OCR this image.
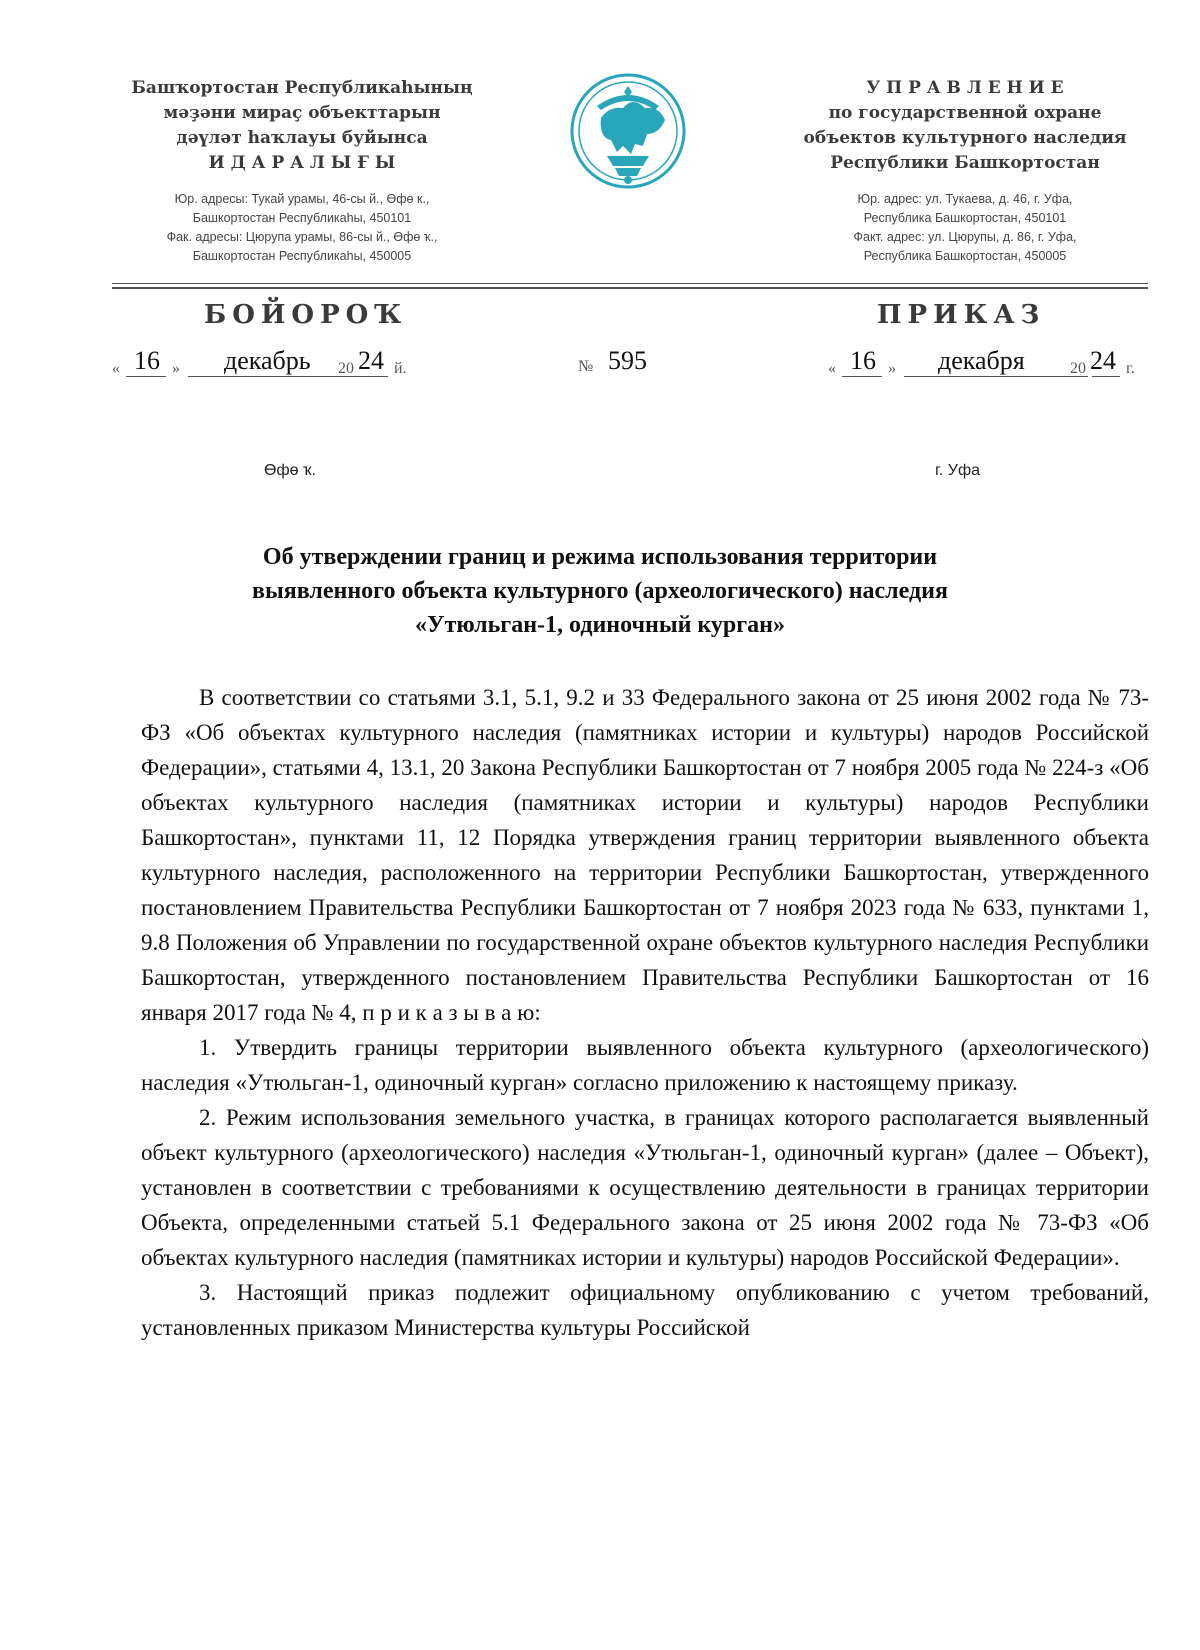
Башҡортостан Республикаһының
мәҙәни мираҫ объекттарын
дәүләт һаҡлауы буйынса
И Д А Р А Л Ы Ғ Ы
Юр. адресы: Тукай урамы, 46-сы й., Өфө к.,
Башкортостан Республикаhы, 450101
Фак. адресы: Цюрупа урамы, 86-сы й., Өфө ҡ.,
Башкортостан Республикаhы, 450005
У П Р А В Л Е Н И Е
по государственной охране
объектов культурного наследия
Республики Башкортостан
Юр. адрес: ул. Тукаева, д. 46, г. Уфа,
Республика Башкортостан, 450101
Факт. адрес: ул. Цюрупы, д. 86, г. Уфа,
Республика Башкортостан, 450005
БОЙОРОҠ	ПРИКАЗ
« 16 » декабрь 20 24 й.	№ 595	« 16 » декабря	20 24 г.
Өфө ҡ.	г. Уфа
Об утверждении границ и режима использования территории
выявленного объекта культурного (археологического) наследия
«Утюльган-1, одиночный курган»

В соответствии со статьями 3.1, 5.1, 9.2 и 33 Федерального закона от 25 июня 2002 года № 73-ФЗ «Об объектах культурного наследия (памятниках истории и культуры) народов Российской Федерации», статьями 4, 13.1, 20 Закона Республики Башкортостан от 7 ноября 2005 года № 224-з «Об объектах культурного наследия (памятниках истории и культуры) народов Республики Башкортостан», пунктами 11, 12 Порядка утверждения границ территории выявленного объекта культурного наследия, расположенного на территории Республики Башкортостан, утвержденного постановлением Правительства Республики Башкортостан от 7 ноября 2023 года № 633, пунктами 1, 9.8 Положения об Управлении по государственной охране объектов культурного наследия Республики Башкортостан, утвержденного постановлением Правительства Республики Башкортостан от 16 января 2017 года № 4, п р и к а з ы в а ю:

1. Утвердить границы территории выявленного объекта культурного (археологического) наследия «Утюльган-1, одиночный курган» согласно приложению к настоящему приказу.

2. Режим использования земельного участка, в границах которого располагается выявленный объект культурного (археологического) наследия «Утюльган-1, одиночный курган» (далее – Объект), установлен в соответствии с требованиями к осуществлению деятельности в границах территории Объекта, определенными статьей 5.1 Федерального закона от 25 июня 2002 года № 73-ФЗ «Об объектах культурного наследия (памятниках истории и культуры) народов Российской Федерации».

3. Настоящий приказ подлежит официальному опубликованию с учетом требований, установленных приказом Министерства культуры Российской
